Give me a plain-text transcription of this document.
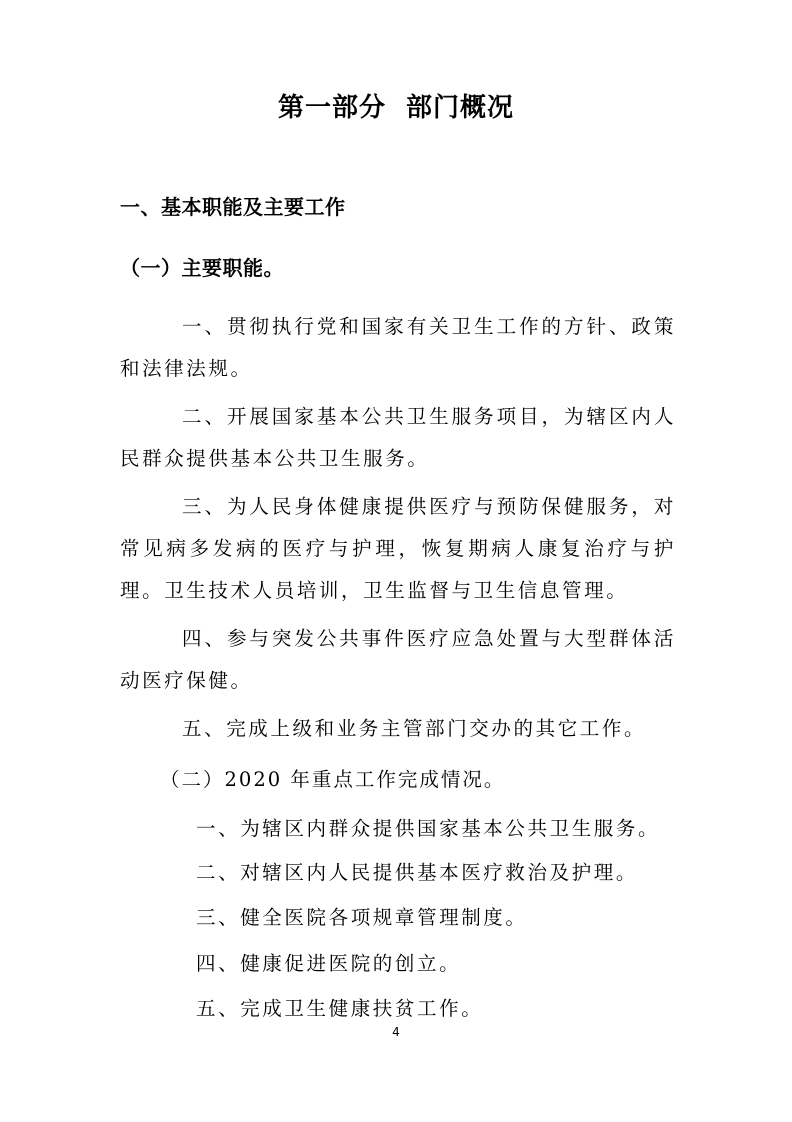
第一部分  部门概况
一、基本职能及主要工作
（一）主要职能。

一、贯彻执行党和国家有关卫生工作的方针、政策和法律法规。

二、开展国家基本公共卫生服务项目，为辖区内人民群众提供基本公共卫生服务。

三、为人民身体健康提供医疗与预防保健服务，对常见病多发病的医疗与护理，恢复期病人康复治疗与护理。卫生技术人员培训，卫生监督与卫生信息管理。

四、参与突发公共事件医疗应急处置与大型群体活动医疗保健。

五、完成上级和业务主管部门交办的其它工作。

（二）2020 年重点工作完成情况。
一、为辖区内群众提供国家基本公共卫生服务。
二、对辖区内人民提供基本医疗救治及护理。
三、健全医院各项规章管理制度。
四、健康促进医院的创立。
五、完成卫生健康扶贫工作。
4
